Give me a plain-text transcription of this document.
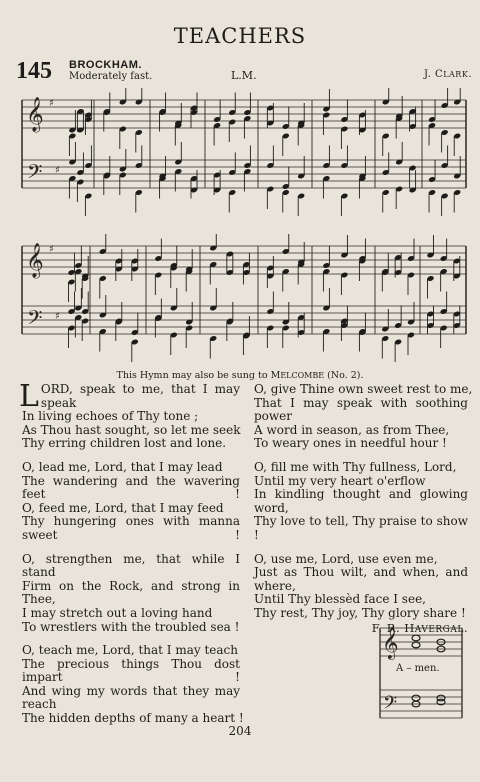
TEACHERS
145 BROCKHAM.
Moderately fast.	L.M.	J. CLARK.
𝄞
𝄢
♯
♯
𝄞
𝄢
♯
♯
This Hymn may also be sung to MELCOMBE (No. 2).
LORD, speak to me, that I may speak
In living echoes of Thy tone ;
As Thou hast sought, so let me seek
Thy erring children lost and lone.
O, lead me, Lord, that I may lead
The wandering and the wavering feet !
O, feed me, Lord, that I may feed
Thy hungering ones with manna sweet !
O, strengthen me, that while I stand
Firm on the Rock, and strong in Thee,
I may stretch out a loving hand
To wrestlers with the troubled sea !
O, teach me, Lord, that I may teach
The precious things Thou dost impart !
And wing my words that they may reach
The hidden depths of many a heart !
O, give Thine own sweet rest to me,
That I may speak with soothing power
A word in season, as from Thee,
To weary ones in needful hour !
O, fill me with Thy fullness, Lord,
Until my very heart o'erflow
In kindling thought and glowing word,
Thy love to tell, Thy praise to show !
O, use me, Lord, use even me,
Just as Thou wilt, and when, and where,
Until Thy blessèd face I see,
Thy rest, Thy joy, Thy glory share !
F. R. HAVERGAL.
𝄞
𝄢
A – men.
204
